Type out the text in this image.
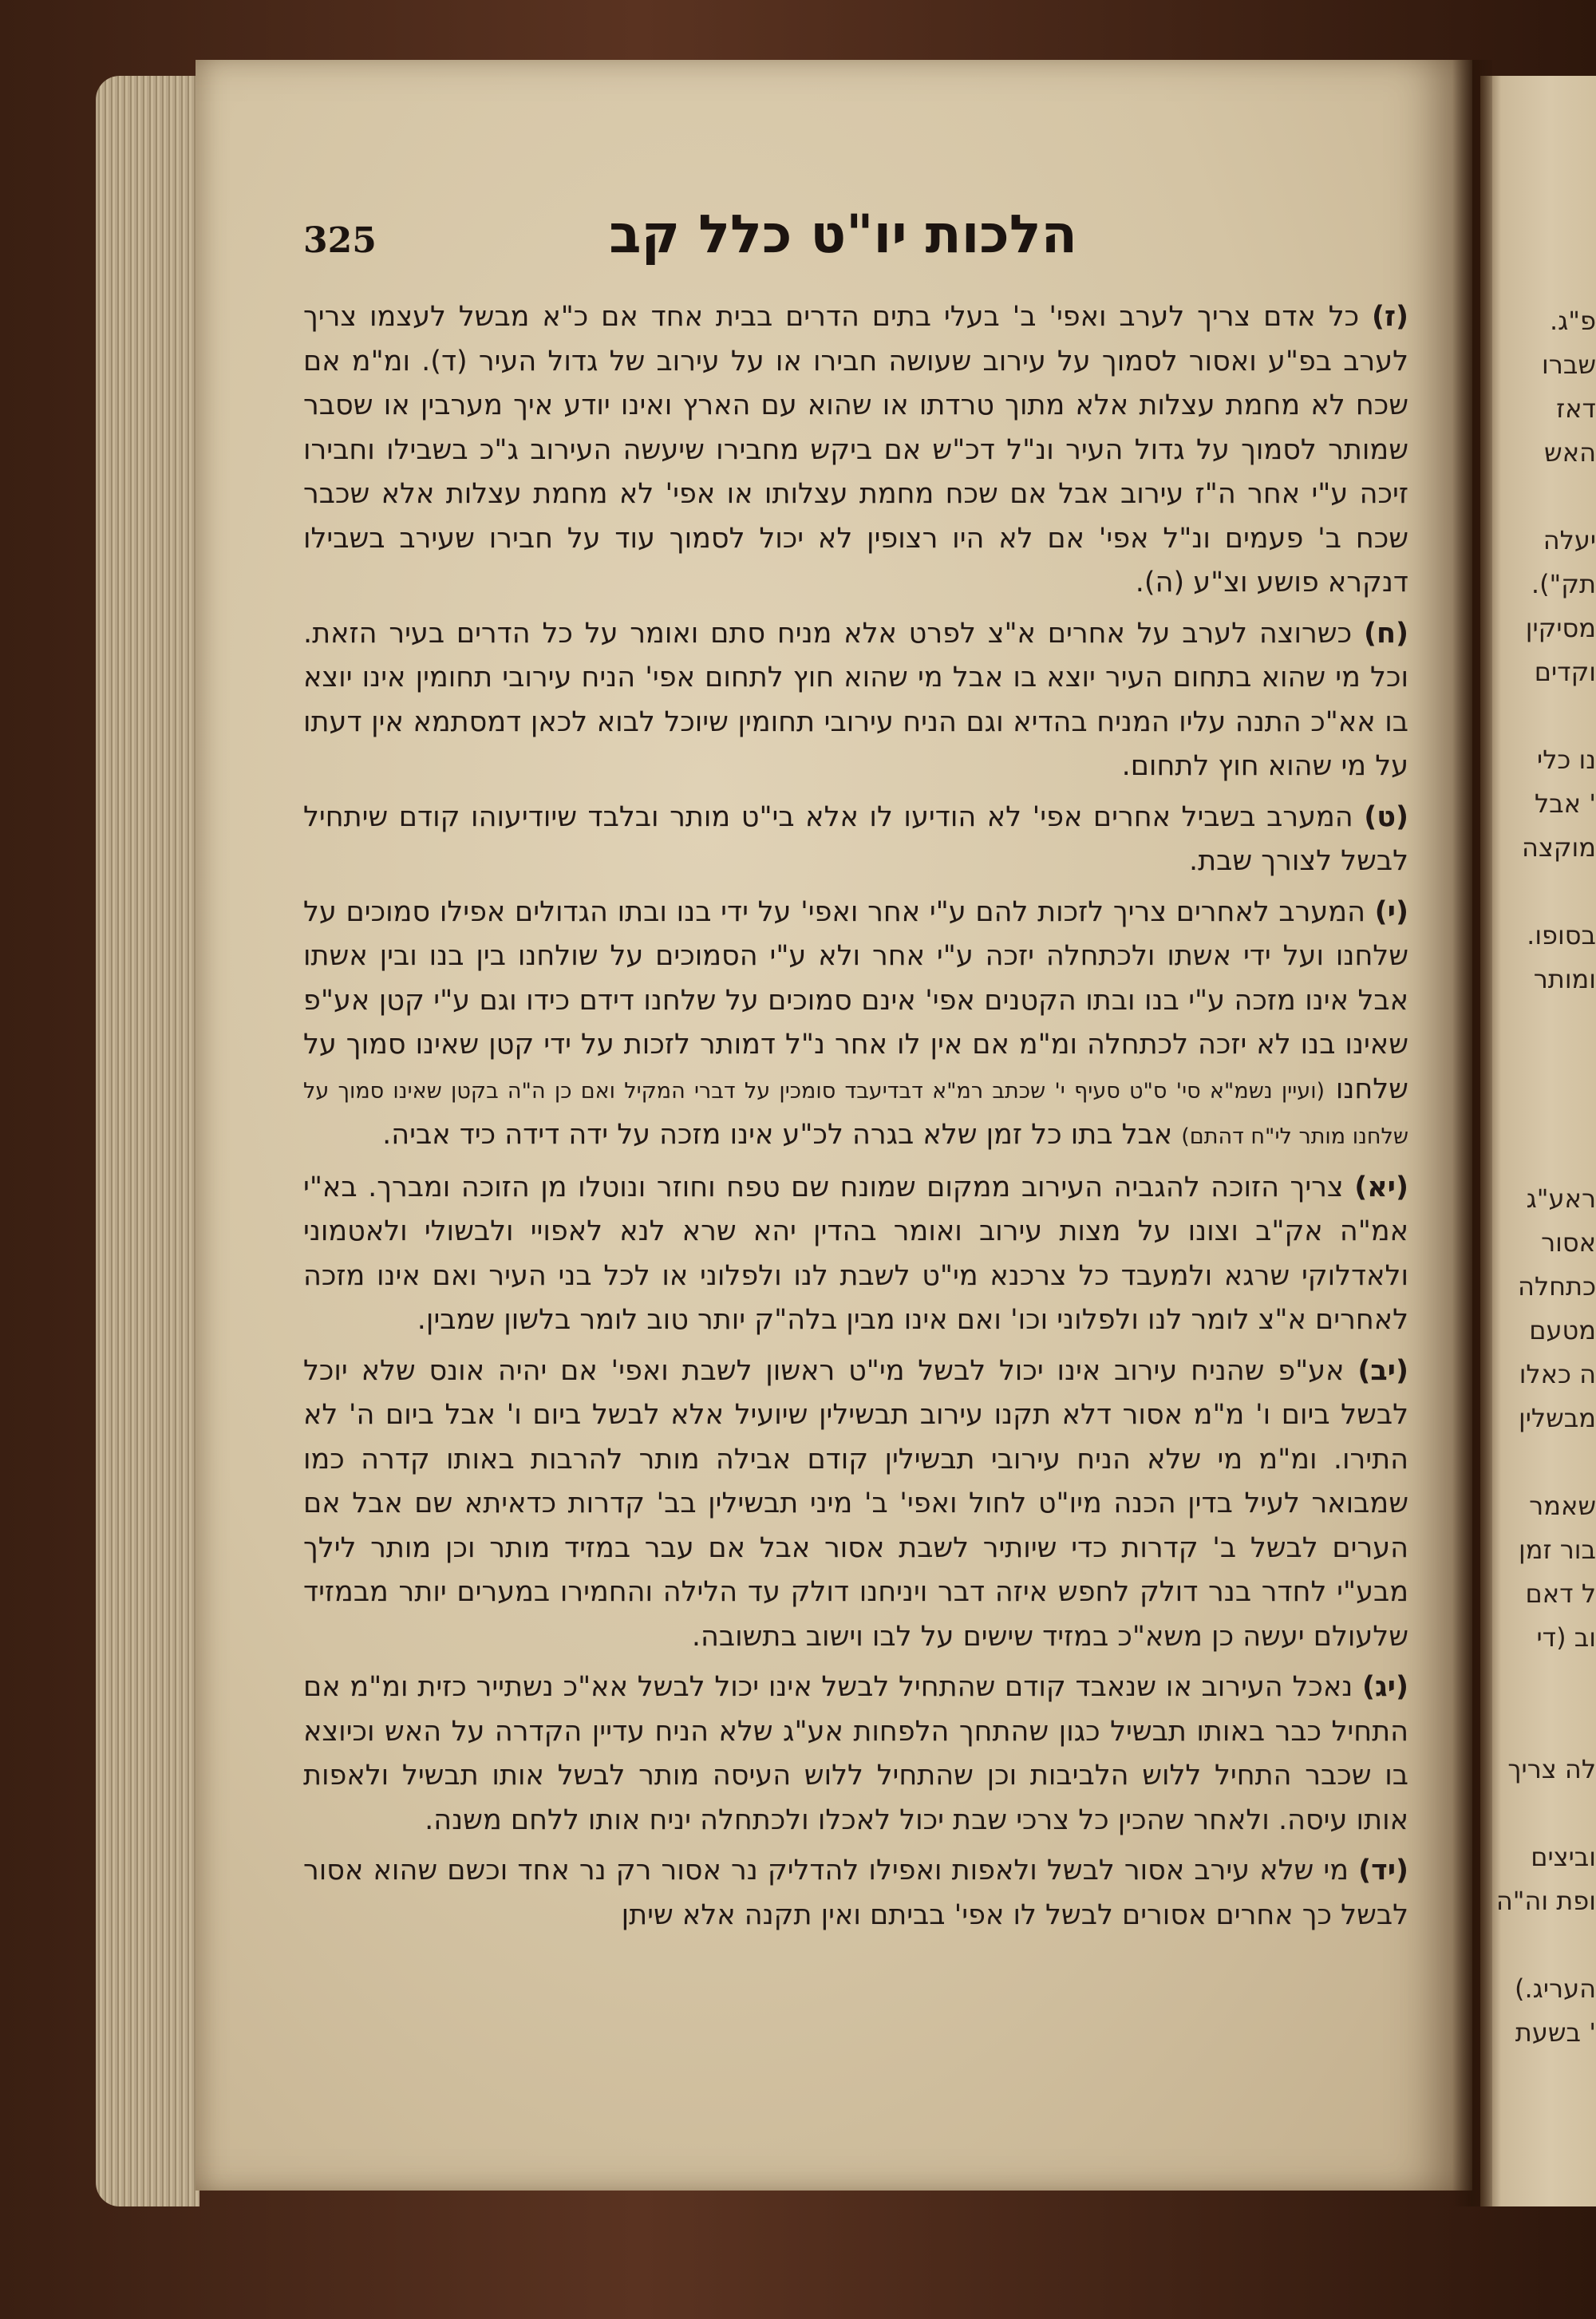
325	הלכות יו"ט כלל קב

(ז) כל אדם צריך לערב ואפי' ב' בעלי בתים הדרים בבית אחד אם כ"א מבשל לעצמו צריך לערב בפ"ע ואסור לסמוך על עירוב שעושה חבירו או על עירוב של גדול העיר (ד). ומ"מ אם שכח לא מחמת עצלות אלא מתוך טרדתו או שהוא עם הארץ ואינו יודע איך מערבין או שסבר שמותר לסמוך על גדול העיר ונ"ל דכ"ש אם ביקש מחבירו שיעשה העירוב ג"כ בשבילו וחבירו זיכה ע"י אחר ה"ז עירוב אבל אם שכח מחמת עצלותו או אפי' לא מחמת עצלות אלא שכבר שכח ב' פעמים ונ"ל אפי' אם לא היו רצופין לא יכול לסמוך עוד על חבירו שעירב בשבילו דנקרא פושע וצ"ע (ה).

(ח) כשרוצה לערב על אחרים א"צ לפרט אלא מניח סתם ואומר על כל הדרים בעיר הזאת. וכל מי שהוא בתחום העיר יוצא בו אבל מי שהוא חוץ לתחום אפי' הניח עירובי תחומין אינו יוצא בו אא"כ התנה עליו המניח בהדיא וגם הניח עירובי תחומין שיוכל לבוא לכאן דמסתמא אין דעתו על מי שהוא חוץ לתחום.

(ט) המערב בשביל אחרים אפי' לא הודיעו לו אלא בי"ט מותר ובלבד שיודיעוהו קודם שיתחיל לבשל לצורך שבת.

(י) המערב לאחרים צריך לזכות להם ע"י אחר ואפי' על ידי בנו ובתו הגדולים אפילו סמוכים על שלחנו ועל ידי אשתו ולכתחלה יזכה ע"י אחר ולא ע"י הסמוכים על שולחנו בין בנו ובין אשתו אבל אינו מזכה ע"י בנו ובתו הקטנים אפי' אינם סמוכים על שלחנו דידם כידו וגם ע"י קטן אע"פ שאינו בנו לא יזכה לכתחלה ומ"מ אם אין לו אחר נ"ל דמותר לזכות על ידי קטן שאינו סמוך על שלחנו (ועיין נשמ"א סי' ס"ט סעיף י' שכתב רמ"א דבדיעבד סומכין על דברי המקיל ואם כן ה"ה בקטן שאינו סמוך על שלחנו מותר לי"ח דהתם) אבל בתו כל זמן שלא בגרה לכ"ע אינו מזכה על ידה דידה כיד אביה.

(יא) צריך הזוכה להגביה העירוב ממקום שמונח שם טפח וחוזר ונוטלו מן הזוכה ומברך. בא"י אמ"ה אק"ב וצונו על מצות עירוב ואומר בהדין יהא שרא לנא לאפויי ולבשולי ולאטמוני ולאדלוקי שרגא ולמעבד כל צרכנא מי"ט לשבת לנו ולפלוני או לכל בני העיר ואם אינו מזכה לאחרים א"צ לומר לנו ולפלוני וכו' ואם אינו מבין בלה"ק יותר טוב לומר בלשון שמבין.

(יב) אע"פ שהניח עירוב אינו יכול לבשל מי"ט ראשון לשבת ואפי' אם יהיה אונס שלא יוכל לבשל ביום ו' מ"מ אסור דלא תקנו עירוב תבשילין שיועיל אלא לבשל ביום ו' אבל ביום ה' לא התירו. ומ"מ מי שלא הניח עירובי תבשילין קודם אבילה מותר להרבות באותו קדרה כמו שמבואר לעיל בדין הכנה מיו"ט לחול ואפי' ב' מיני תבשילין בב' קדרות כדאיתא שם אבל אם הערים לבשל ב' קדרות כדי שיותיר לשבת אסור אבל אם עבר במזיד מותר וכן מותר לילך מבע"י לחדר בנר דולק לחפש איזה דבר ויניחנו דולק עד הלילה והחמירו במערים יותר מבמזיד שלעולם יעשה כן משא"כ במזיד שישים על לבו וישוב בתשובה.

(יג) נאכל העירוב או שנאבד קודם שהתחיל לבשל אינו יכול לבשל אא"כ נשתייר כזית ומ"מ אם התחיל כבר באותו תבשיל כגון שהתחך הלפחות אע"ג שלא הניח עדיין הקדרה על האש וכיוצא בו שכבר התחיל ללוש הלביבות וכן שהתחיל ללוש העיסה מותר לבשל אותו תבשיל ולאפות אותו עיסה. ולאחר שהכין כל צרכי שבת יכול לאכלו ולכתחלה יניח אותו ללחם משנה.

(יד) מי שלא עירב אסור לבשל ולאפות ואפילו להדליק נר אסור רק נר אחד וכשם שהוא אסור לבשל כך אחרים אסורים לבשל לו אפי' בביתם ואין תקנה אלא שיתן

פ"ג.
שברו
דאז
האש
יעלה
תק").
מסיקין
וקדים
נו כלי
' אבל
מוקצה
בסופו.
ומותר
ראע"ג
אסור
כתחלה
מטעם
ה כאלו
מבשלין
שאמר
בור זמן
ל דאם
וב (די
לה צריך
וביצים
ופת וה"ה
העריג.)
' בשעת
